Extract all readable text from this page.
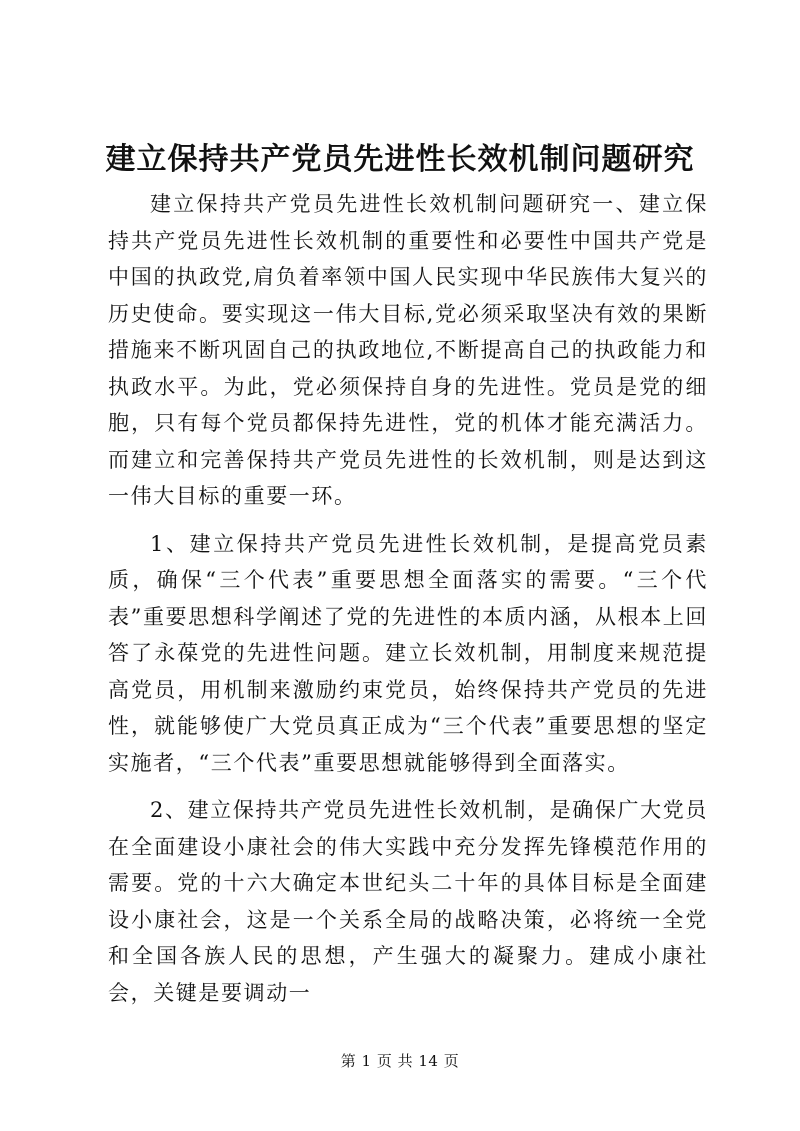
建立保持共产党员先进性长效机制问题研究

建立保持共产党员先进性长效机制问题研究一、建立保持共产党员先进性长效机制的重要性和必要性中国共产党是中国的执政党,肩负着率领中国人民实现中华民族伟大复兴的历史使命。要实现这一伟大目标,党必须采取坚决有效的果断措施来不断巩固自己的执政地位,不断提高自己的执政能力和执政水平。为此，党必须保持自身的先进性。党员是党的细胞，只有每个党员都保持先进性，党的机体才能充满活力。而建立和完善保持共产党员先进性的长效机制，则是达到这一伟大目标的重要一环。

1、建立保持共产党员先进性长效机制，是提高党员素质，确保“三个代表”重要思想全面落实的需要。“三个代表”重要思想科学阐述了党的先进性的本质内涵，从根本上回答了永葆党的先进性问题。建立长效机制，用制度来规范提高党员，用机制来激励约束党员，始终保持共产党员的先进性，就能够使广大党员真正成为“三个代表”重要思想的坚定实施者，“三个代表”重要思想就能够得到全面落实。

2、建立保持共产党员先进性长效机制，是确保广大党员在全面建设小康社会的伟大实践中充分发挥先锋模范作用的需要。党的十六大确定本世纪头二十年的具体目标是全面建设小康社会，这是一个关系全局的战略决策，必将统一全党和全国各族人民的思想，产生强大的凝聚力。建成小康社会，关键是要调动一

第 1 页 共 14 页
